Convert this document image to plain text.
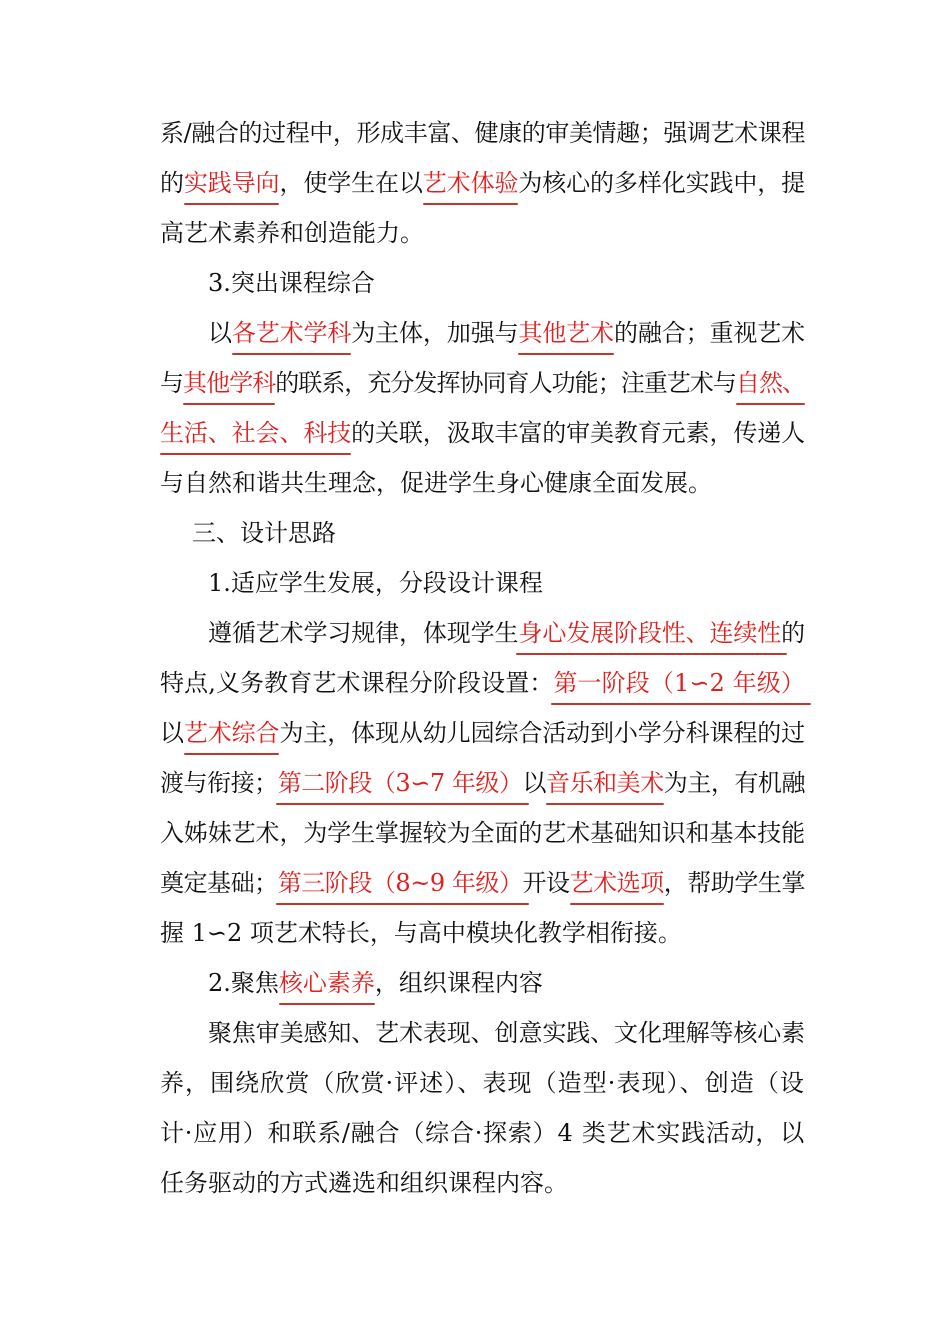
系/融合的过程中，形成丰富、健康的审美情趣；强调艺术课程
的实践导向，使学生在以艺术体验为核心的多样化实践中，提
高艺术素养和创造能力。
3.突出课程综合
以各艺术学科为主体，加强与其他艺术的融合；重视艺术
与其他学科的联系，充分发挥协同育人功能；注重艺术与自然、
生活、社会、科技的关联，汲取丰富的审美教育元素，传递人
与自然和谐共生理念，促进学生身心健康全面发展。
三、设计思路
1.适应学生发展，分段设计课程
遵循艺术学习规律，体现学生身心发展阶段性、连续性的
特点,义务教育艺术课程分阶段设置：第一阶段（1∽2 年级）
以艺术综合为主，体现从幼儿园综合活动到小学分科课程的过
渡与衔接；第二阶段（3∽7 年级）以音乐和美术为主，有机融
入姊妹艺术，为学生掌握较为全面的艺术基础知识和基本技能
奠定基础；第三阶段（8~9 年级）开设艺术选项，帮助学生掌
握 1∽2 项艺术特长，与高中模块化教学相衔接。
2.聚焦核心素养，组织课程内容
聚焦审美感知、艺术表现、创意实践、文化理解等核心素
养，围绕欣赏（欣赏·评述）、表现（造型·表现）、创造（设
计·应用）和联系/融合（综合·探索）4 类艺术实践活动，以
任务驱动的方式遴选和组织课程内容。
